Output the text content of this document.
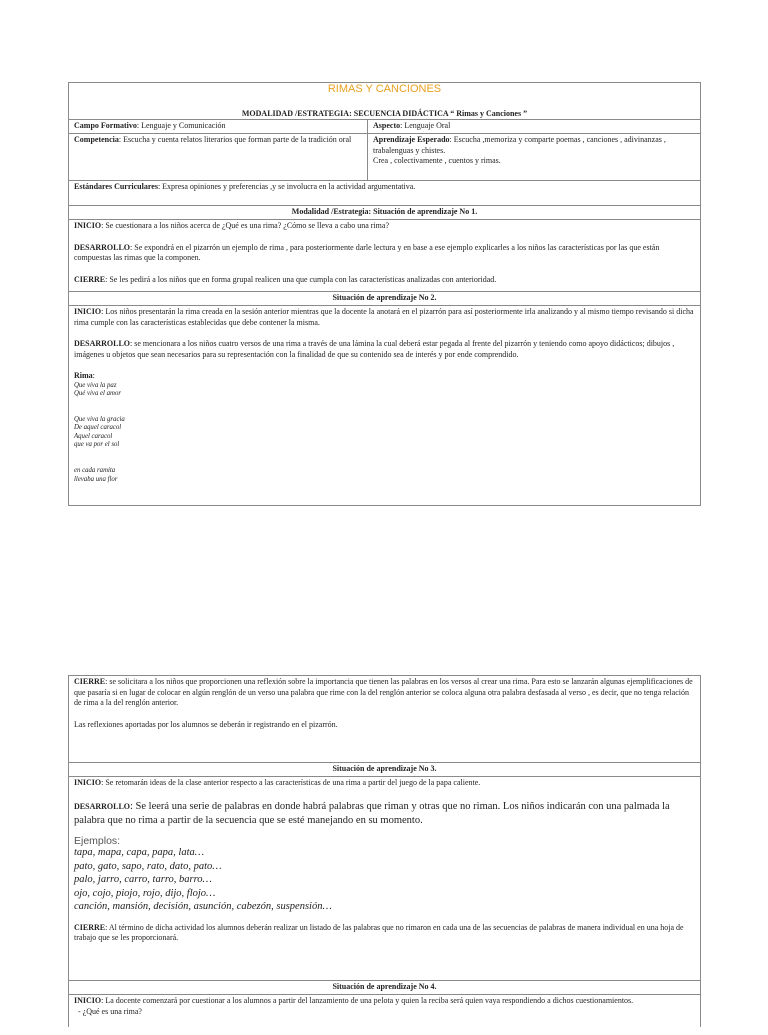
RIMAS Y CANCIONES
MODALIDAD /ESTRATEGIA: SECUENCIA DIDÁCTICA “ Rimas y Canciones ”
Campo Formativo: Lenguaje y Comunicación	Aspecto: Lenguaje Oral
Competencia: Escucha y cuenta relatos literarios que forman parte de la tradición oral	Aprendizaje Esperado: Escucha ,memoriza y comparte poemas , canciones , adivinanzas , trabalenguas y chistes.
Crea , colectivamente , cuentos y rimas.
Estándares Curriculares: Expresa opiniones y preferencias ,y se involucra en la actividad argumentativa.
Modalidad /Estrategia: Situación de aprendizaje No 1.

INICIO: Se cuestionara a los niños acerca de ¿Qué es una rima? ¿Cómo se lleva a cabo una rima?

DESARROLLO: Se expondrá en el pizarrón un ejemplo de rima , para posteriormente darle lectura y en base a ese ejemplo explicarles a los niños las características por las que están compuestas las rimas que la componen.

CIERRE: Se les pedirá a los niños que en forma grupal realicen una que cumpla con las características analizadas con anterioridad.

Situación de aprendizaje No 2.

INICIO: Los niños presentarán la rima creada en la sesión anterior mientras que la docente la anotará en el pizarrón para así posteriormente irla analizando y al mismo tiempo revisando si dicha rima cumple con las características establecidas que debe contener la misma.

DESARROLLO: se mencionara a los niños cuatro versos de una rima a través de una lámina la cual deberá estar pegada al frente del pizarrón y teniendo como apoyo didácticos; dibujos , imágenes u objetos que sean necesarios para su representación con la finalidad de que su contenido sea de interés y por ende comprendido.

Rima:

Que viva la paz
Qué viva el amor
Que viva la gracia
De aquel caracol
Aquel caracol
que va por el sol
en cada ramita
llevaba una flor

CIERRE: se solicitara a los niños que proporcionen una reflexión sobre la importancia que tienen las palabras en los versos al crear una rima. Para esto se lanzarán algunas ejemplificaciones de que pasaría si en lugar de colocar en algún renglón de un verso una palabra que rime con la del renglón anterior se coloca alguna otra palabra desfasada al verso , es decir, que no tenga relación de rima a la del renglón anterior.

Las reflexiones aportadas por los alumnos se deberán ir registrando en el pizarrón.

Situación de aprendizaje No 3.

INICIO: Se retomarán ideas de la clase anterior respecto a las características de una rima a partir del juego de la papa caliente.

DESARROLLO: Se leerá una serie de palabras en donde habrá palabras que riman y otras que no riman. Los niños indicarán con una palmada la palabra que no rima a partir de la secuencia que se esté manejando en su momento.

Ejemplos:
tapa, mapa, capa, papa, lata…
pato, gato, sapo, rato, dato, pato…
palo, jarro, carro, tarro, barro…
ojo, cojo, piojo, rojo, dijo, flojo…
canción, mansión, decisión, asunción, cabezón, suspensión…

CIERRE: Al término de dicha actividad los alumnos deberán realizar un listado de las palabras que no rimaron en cada una de las secuencias de palabras de manera individual en una hoja de trabajo que se les proporcionará.

Situación de aprendizaje No 4.

INICIO: La docente comenzará por cuestionar a los alumnos a partir del lanzamiento de una pelota y quien la reciba será quien vaya respondiendo a dichos cuestionamientos.

- ¿Qué es una rima?
